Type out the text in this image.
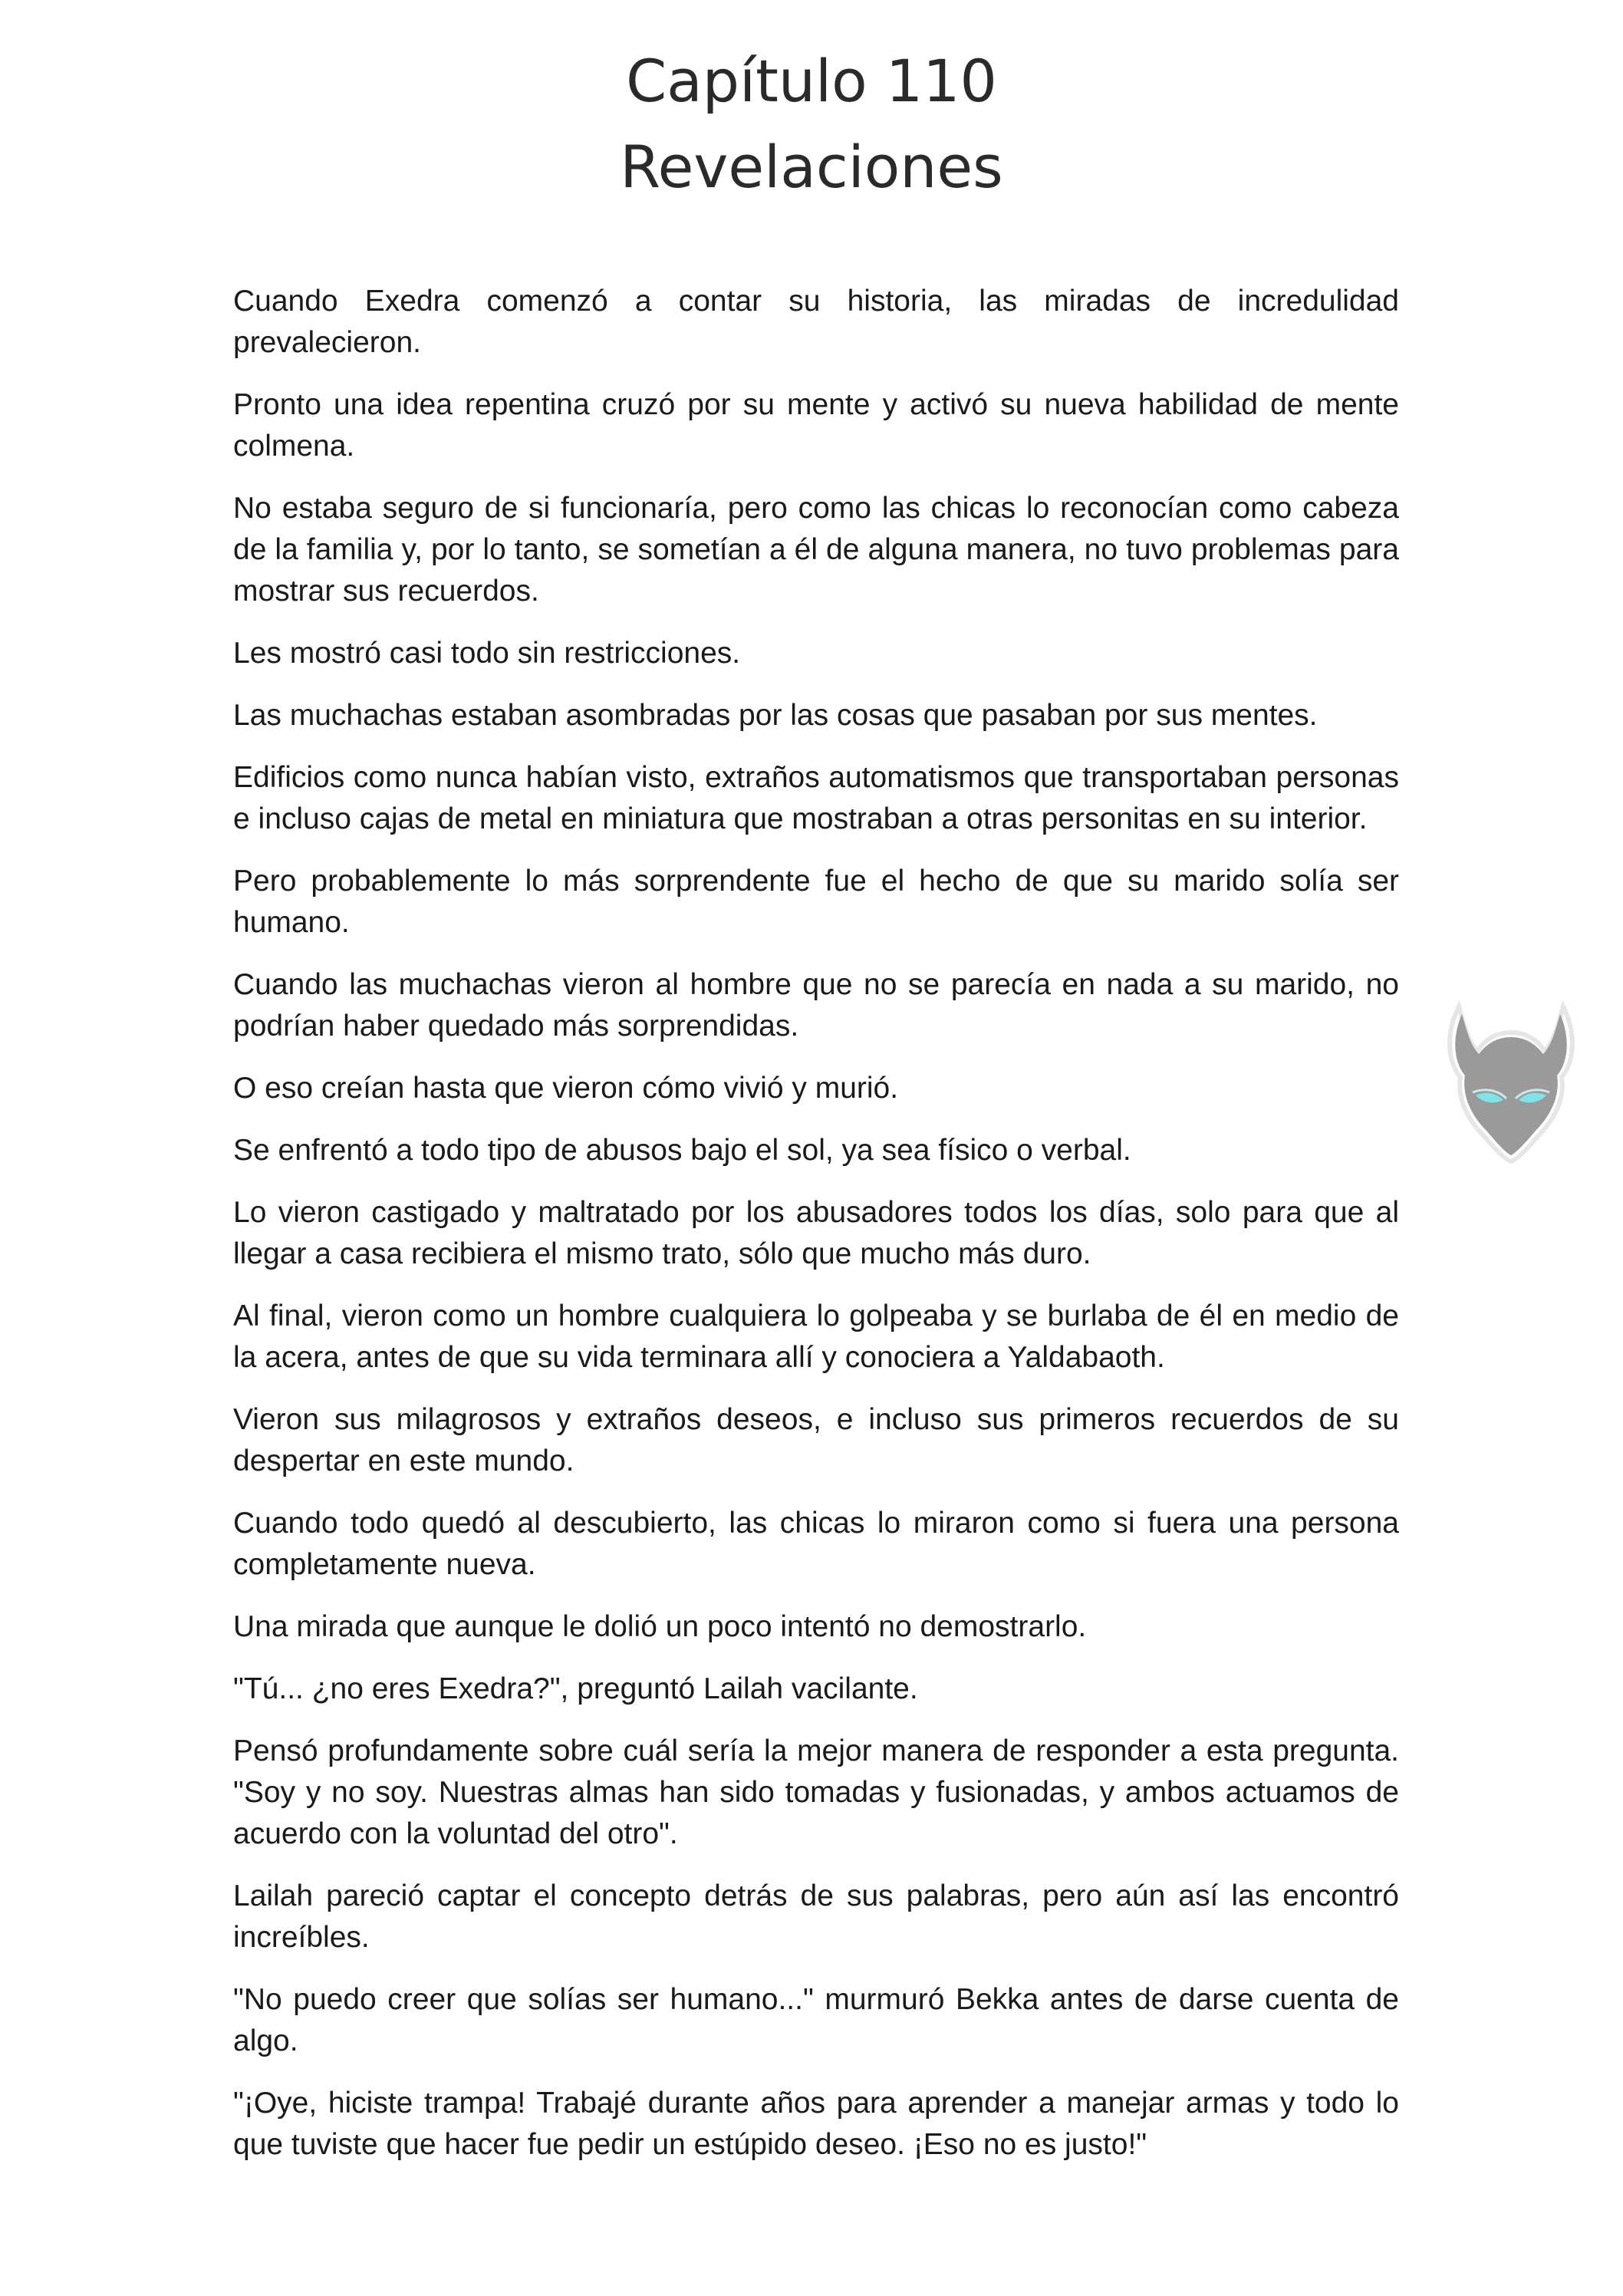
Capítulo 110
Revelaciones

Cuando Exedra comenzó a contar su historia, las miradas de incredulidad prevalecieron.

Pronto una idea repentina cruzó por su mente y activó su nueva habilidad de mente colmena.

No estaba seguro de si funcionaría, pero como las chicas lo reconocían como cabeza de la familia y, por lo tanto, se sometían a él de alguna manera, no tuvo problemas para mostrar sus recuerdos.

Les mostró casi todo sin restricciones.

Las muchachas estaban asombradas por las cosas que pasaban por sus mentes.

Edificios como nunca habían visto, extraños automatismos que transportaban personas e incluso cajas de metal en miniatura que mostraban a otras personitas en su interior.

Pero probablemente lo más sorprendente fue el hecho de que su marido solía ser humano.

Cuando las muchachas vieron al hombre que no se parecía en nada a su marido, no podrían haber quedado más sorprendidas.

O eso creían hasta que vieron cómo vivió y murió.

Se enfrentó a todo tipo de abusos bajo el sol, ya sea físico o verbal.

Lo vieron castigado y maltratado por los abusadores todos los días, solo para que al llegar a casa recibiera el mismo trato, sólo que mucho más duro.

Al final, vieron como un hombre cualquiera lo golpeaba y se burlaba de él en medio de la acera, antes de que su vida terminara allí y conociera a Yaldabaoth.

Vieron sus milagrosos y extraños deseos, e incluso sus primeros recuerdos de su despertar en este mundo.

Cuando todo quedó al descubierto, las chicas lo miraron como si fuera una persona completamente nueva.

Una mirada que aunque le dolió un poco intentó no demostrarlo.

"Tú... ¿no eres Exedra?", preguntó Lailah vacilante.

Pensó profundamente sobre cuál sería la mejor manera de responder a esta pregunta. "Soy y no soy. Nuestras almas han sido tomadas y fusionadas, y ambos actuamos de acuerdo con la voluntad del otro".

Lailah pareció captar el concepto detrás de sus palabras, pero aún así las encontró increíbles.

"No puedo creer que solías ser humano..." murmuró Bekka antes de darse cuenta de algo.

"¡Oye, hiciste trampa! Trabajé durante años para aprender a manejar armas y todo lo que tuviste que hacer fue pedir un estúpido deseo. ¡Eso no es justo!"
